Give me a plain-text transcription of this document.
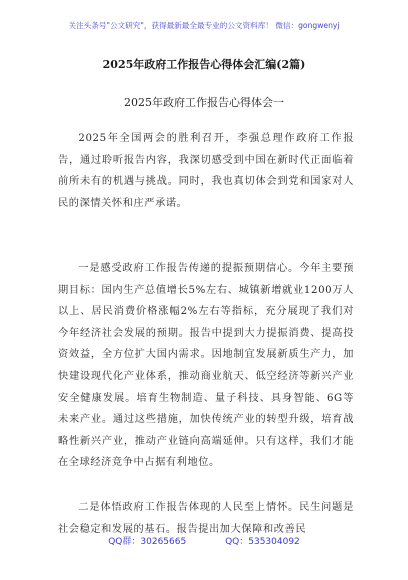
关注头条号"公文研究"，获得最新最全最专业的公文资料库！ 微信：gongwenyj
2025年政府工作报告心得体会汇编(2篇)
2025年政府工作报告心得体会一
2025年全国两会的胜利召开，李强总理作政府工作报告，通过聆听报告内容，我深切感受到中国在新时代正面临着前所未有的机遇与挑战。同时，我也真切体会到党和国家对人民的深情关怀和庄严承诺。
一是感受政府工作报告传递的提振预期信心。今年主要预期目标：国内生产总值增长5%左右、城镇新增就业1200万人以上、居民消费价格涨幅2%左右等指标，充分展现了我们对今年经济社会发展的预期。报告中提到大力提振消费、提高投资效益，全方位扩大国内需求。因地制宜发展新质生产力，加快建设现代化产业体系，推动商业航天、低空经济等新兴产业安全健康发展。培育生物制造、量子科技、具身智能、6G等未来产业。通过这些措施，加快传统产业的转型升级，培育战略性新兴产业，推动产业链向高端延伸。只有这样，我们才能在全球经济竞争中占据有利地位。
二是体悟政府工作报告体现的人民至上情怀。民生问题是社会稳定和发展的基石。报告提出加大保障和改善民
QQ群：30265665	QQ：535304092
